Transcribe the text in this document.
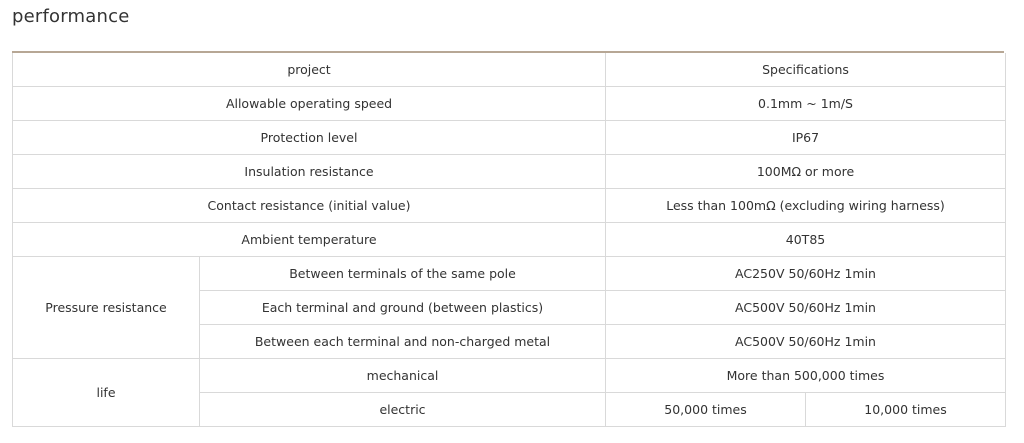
performance
project		Specifications	
Allowable operating speed		0.1mm ~ 1m/S	
Protection level		IP67	
Insulation resistance		100MΩ or more	
Contact resistance (initial value)		Less than 100mΩ (excluding wiring harness)	
Ambient temperature		40T85	
Pressure resistance	Between terminals of the same pole	AC250V 50/60Hz 1min	
	Each terminal and ground (between plastics)	AC500V 50/60Hz 1min	
	Between each terminal and non-charged metal	AC500V 50/60Hz 1min	
life	mechanical	More than 500,000 times	
	electric	50,000 times	10,000 times
